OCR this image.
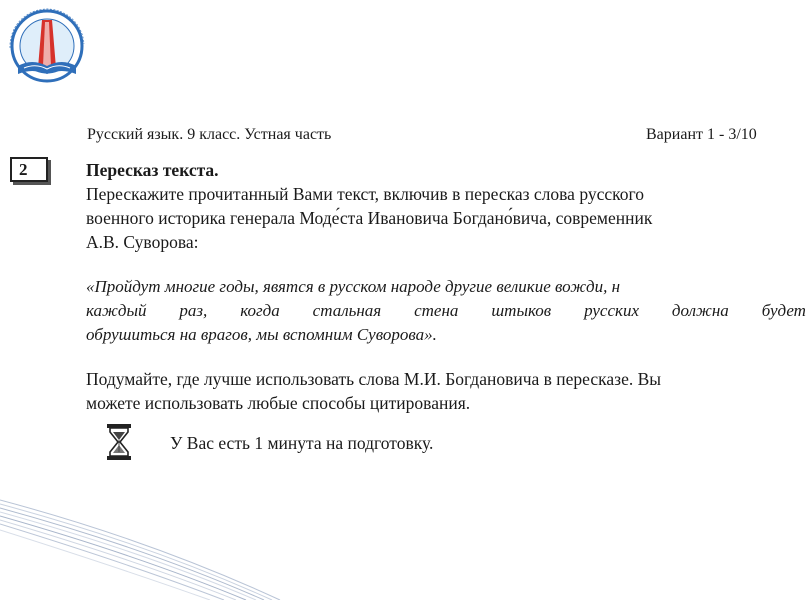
Русский язык. 9 класс. Устная часть	Вариант 1 - 3/10
2	Пересказ текста.
Перескажите прочитанный Вами текст, включив в пересказ слова русского
военного историка генерала Моде́ста Ивановича Богдано́вича, современник
А.В. Суворова:
«Пройдут многие годы, явятся в русском народе другие великие вожди, н
каждый раз, когда стальная стена штыков русских должна будет
обрушиться на врагов, мы вспомним Суворова».
Подумайте, где лучше использовать слова М.И. Богдановича в пересказе. Вы
можете использовать любые способы цитирования.
У Вас есть 1 минута на подготовку.
